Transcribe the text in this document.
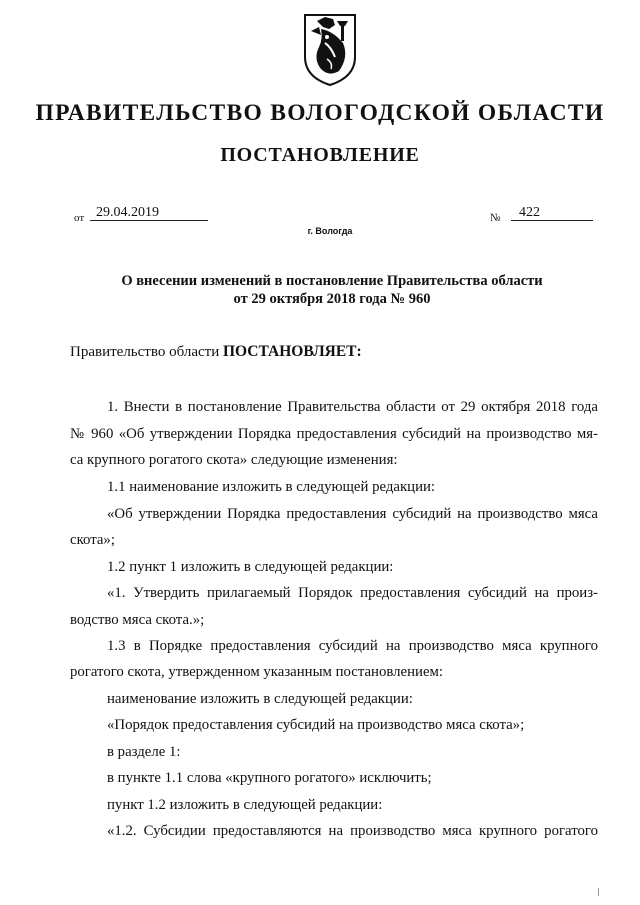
ПРАВИТЕЛЬСТВО ВОЛОГОДСКОЙ ОБЛАСТИ
ПОСТАНОВЛЕНИЕ
от 29.04.2019	№ 422
г. Вологда
О внесении изменений в постановление Правительства области
от 29 октября 2018 года № 960
Правительство области ПОСТАНОВЛЯЕТ:
1. Внести в постановление Правительства области от 29 октября 2018 года
№ 960 «Об утверждении Порядка предоставления субсидий на производство мя-
са крупного рогатого скота» следующие изменения:
1.1 наименование изложить в следующей редакции:
«Об утверждении Порядка предоставления субсидий на производство мяса
скота»;
1.2 пункт 1 изложить в следующей редакции:
«1. Утвердить прилагаемый Порядок предоставления субсидий на произ-
водство мяса скота.»;
1.3 в Порядке предоставления субсидий на производство мяса крупного
рогатого скота, утвержденном указанным постановлением:
наименование изложить в следующей редакции:
«Порядок предоставления субсидий на производство мяса скота»;
в разделе 1:
в пункте 1.1 слова «крупного рогатого» исключить;
пункт 1.2 изложить в следующей редакции:
«1.2. Субсидии предоставляются на производство мяса крупного рогатого
